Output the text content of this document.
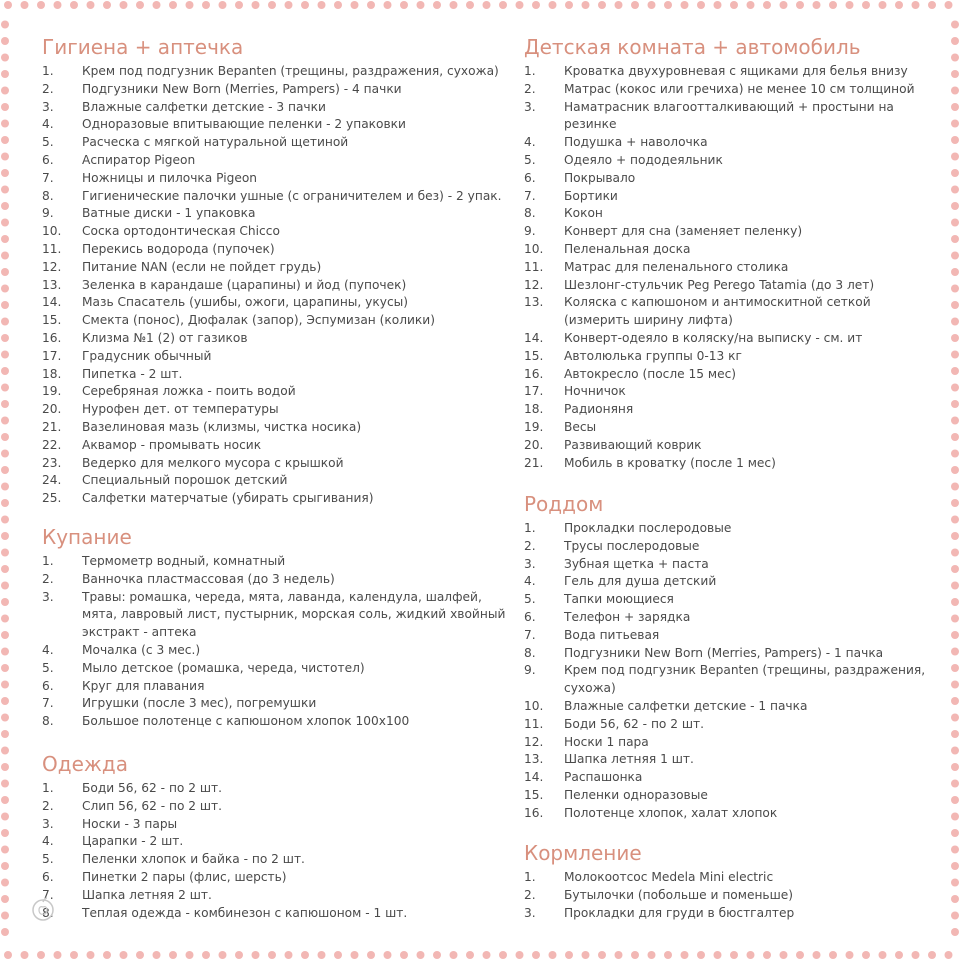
Гигиена + аптечка
1.	Крем под подгузник Bepanten (трещины, раздражения, сухожа)
2.	Подгузники New Born (Merries, Pampers) - 4 пачки
3.	Влажные салфетки детские - 3 пачки
4.	Одноразовые впитывающие пеленки - 2 упаковки
5.	Расческа с мягкой натуральной щетиной
6.	Аспиратор Pigeon
7.	Ножницы и пилочка Pigeon
8.	Гигиенические палочки ушные (с ограничителем и без) - 2 упак.
9.	Ватные диски - 1 упаковка
10.	Соска ортодонтическая Chicco
11.	Перекись водорода (пупочек)
12.	Питание NAN (если не пойдет грудь)
13.	Зеленка в карандаше (царапины) и йод (пупочек)
14.	Мазь Спасатель (ушибы, ожоги, царапины, укусы)
15.	Смекта (понос), Дюфалак (запор), Эспумизан (колики)
16.	Клизма №1 (2) от газиков
17.	Градусник обычный
18.	Пипетка - 2 шт.
19.	Серебряная ложка - поить водой
20.	Нурофен дет. от температуры
21.	Вазелиновая мазь (клизмы, чистка носика)
22.	Аквамор - промывать носик
23.	Ведерко для мелкого мусора с крышкой
24.	Специальный порошок детский
25.	Салфетки матерчатые (убирать срыгивания)
Купание
1.	Термометр водный, комнатный
2.	Ванночка пластмассовая (до 3 недель)
3.	Травы: ромашка, череда, мята, лаванда, календула, шалфей, мята, лавровый лист, пустырник, морская соль, жидкий хвойный экстракт - аптека
4.	Мочалка (с 3 мес.)
5.	Мыло детское (ромашка, череда, чистотел)
6.	Круг для плавания
7.	Игрушки (после 3 мес), погремушки
8.	Большое полотенце с капюшоном хлопок 100х100
Одежда
1.	Боди 56, 62 - по 2 шт.
2.	Слип 56, 62 - по 2 шт.
3.	Носки - 3 пары
4.	Царапки - 2 шт.
5.	Пеленки хлопок и байка - по 2 шт.
6.	Пинетки 2 пары (флис, шерсть)
7.	Шапка летняя 2 шт.
8.	Теплая одежда - комбинезон с капюшоном - 1 шт.
Детская комната + автомобиль
1.	Кроватка двухуровневая с ящиками для белья внизу
2.	Матрас (кокос или гречиха) не менее 10 см толщиной
3.	Наматрасник влагоотталкивающий + простыни на резинке
4.	Подушка + наволочка
5.	Одеяло + пододеяльник
6.	Покрывало
7.	Бортики
8.	Кокон
9.	Конверт для сна (заменяет пеленку)
10.	Пеленальная доска
11.	Матрас для пеленального столика
12.	Шезлонг-стульчик Peg Perego Tatamia (до 3 лет)
13.	Коляска с капюшоном и антимоскитной сеткой (измерить ширину лифта)
14.	Конверт-одеяло в коляску/на выписку - см. ит
15.	Автолюлька группы 0-13 кг
16.	Автокресло (после 15 мес)
17.	Ночничок
18.	Радионяня
19.	Весы
20.	Развивающий коврик
21.	Мобиль в кроватку (после 1 мес)
Роддом
1.	Прокладки послеродовые
2.	Трусы послеродовые
3.	Зубная щетка + паста
4.	Гель для душа детский
5.	Тапки моющиеся
6.	Телефон + зарядка
7.	Вода питьевая
8.	Подгузники New Born (Merries, Pampers) - 1 пачка
9.	Крем под подгузник Bepanten (трещины, раздражения, сухожа)
10.	Влажные салфетки детские - 1 пачка
11.	Боди 56, 62 - по 2 шт.
12.	Носки 1 пара
13.	Шапка летняя 1 шт.
14.	Распашонка
15.	Пеленки одноразовые
16.	Полотенце хлопок, халат хлопок
Кормление
1.	Молокоотсос Medela Mini electric
2.	Бутылочки (побольше и поменьше)
3.	Прокладки для груди в бюстгалтер
